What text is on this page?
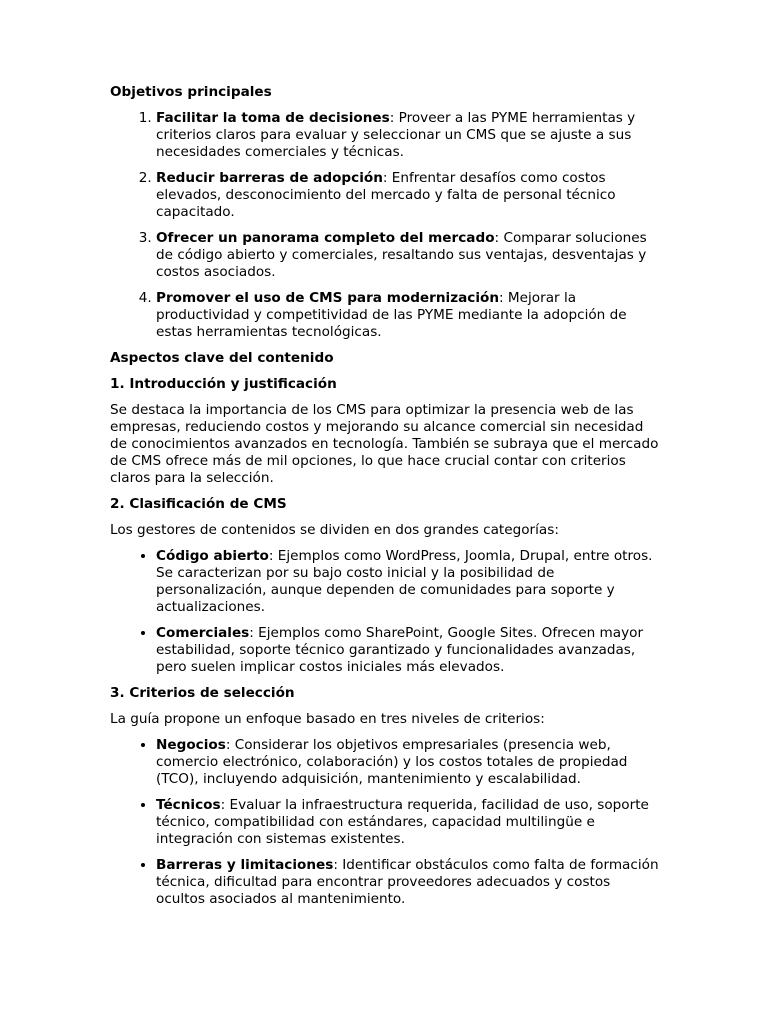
Objetivos principales

1. Facilitar la toma de decisiones: Proveer a las PYME herramientas y criterios claros para evaluar y seleccionar un CMS que se ajuste a sus necesidades comerciales y técnicas.
2. Reducir barreras de adopción: Enfrentar desafíos como costos elevados, desconocimiento del mercado y falta de personal técnico capacitado.
3. Ofrecer un panorama completo del mercado: Comparar soluciones de código abierto y comerciales, resaltando sus ventajas, desventajas y costos asociados.
4. Promover el uso de CMS para modernización: Mejorar la productividad y competitividad de las PYME mediante la adopción de estas herramientas tecnológicas.

Aspectos clave del contenido

1. Introducción y justificación

Se destaca la importancia de los CMS para optimizar la presencia web de las empresas, reduciendo costos y mejorando su alcance comercial sin necesidad de conocimientos avanzados en tecnología. También se subraya que el mercado de CMS ofrece más de mil opciones, lo que hace crucial contar con criterios claros para la selección.

2. Clasificación de CMS

Los gestores de contenidos se dividen en dos grandes categorías:

• Código abierto: Ejemplos como WordPress, Joomla, Drupal, entre otros. Se caracterizan por su bajo costo inicial y la posibilidad de personalización, aunque dependen de comunidades para soporte y actualizaciones.
• Comerciales: Ejemplos como SharePoint, Google Sites. Ofrecen mayor estabilidad, soporte técnico garantizado y funcionalidades avanzadas, pero suelen implicar costos iniciales más elevados.

3. Criterios de selección

La guía propone un enfoque basado en tres niveles de criterios:

• Negocios: Considerar los objetivos empresariales (presencia web, comercio electrónico, colaboración) y los costos totales de propiedad (TCO), incluyendo adquisición, mantenimiento y escalabilidad.
• Técnicos: Evaluar la infraestructura requerida, facilidad de uso, soporte técnico, compatibilidad con estándares, capacidad multilingüe e integración con sistemas existentes.
• Barreras y limitaciones: Identificar obstáculos como falta de formación técnica, dificultad para encontrar proveedores adecuados y costos ocultos asociados al mantenimiento.
